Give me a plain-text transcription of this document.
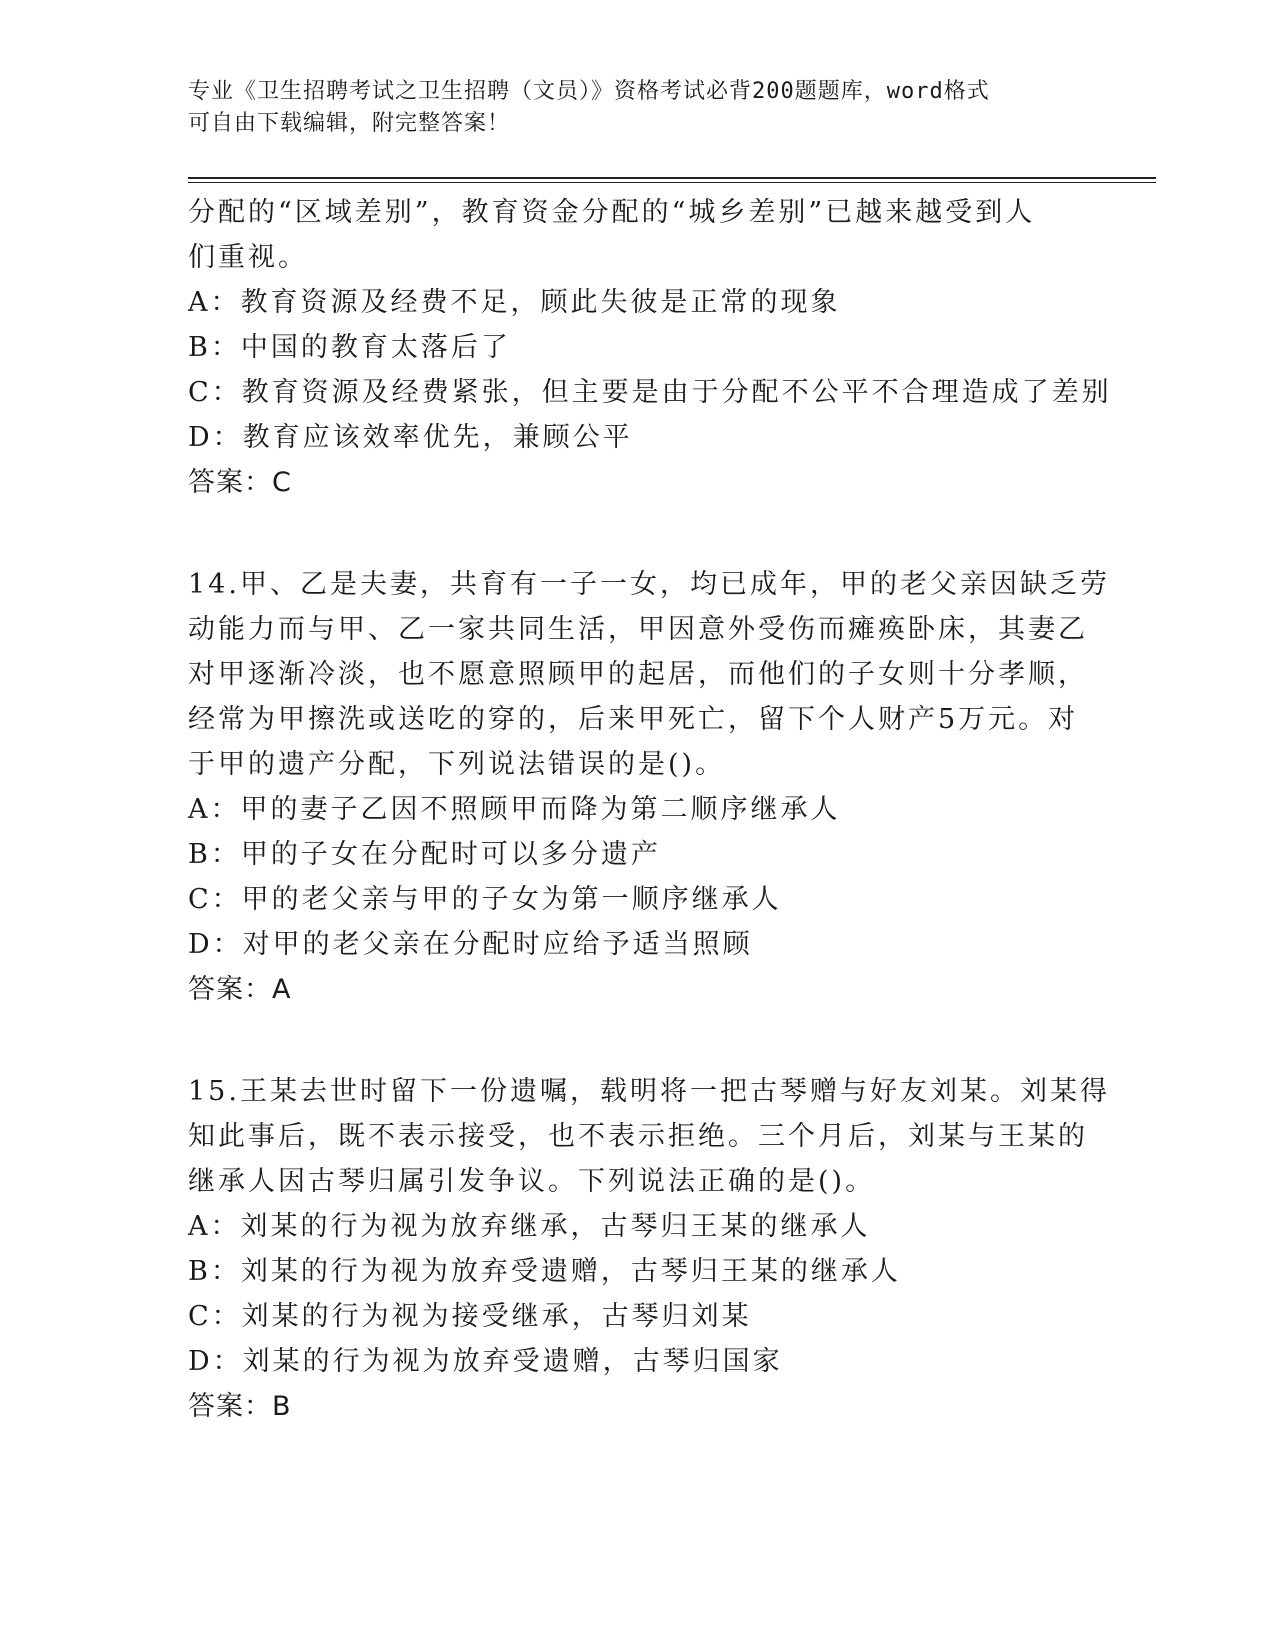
专业《卫生招聘考试之卫生招聘（文员）》资格考试必背200题题库，word格式
可自由下载编辑，附完整答案！
分配的“区域差别”，教育资金分配的“城乡差别”已越来越受到人
们重视。
A：教育资源及经费不足，顾此失彼是正常的现象
B：中国的教育太落后了
C：教育资源及经费紧张，但主要是由于分配不公平不合理造成了差别
D：教育应该效率优先，兼顾公平
答案：C
14.甲、乙是夫妻，共育有一子一女，均已成年，甲的老父亲因缺乏劳
动能力而与甲、乙一家共同生活，甲因意外受伤而瘫痪卧床，其妻乙
对甲逐渐冷淡，也不愿意照顾甲的起居，而他们的子女则十分孝顺，
经常为甲擦洗或送吃的穿的，后来甲死亡，留下个人财产5万元。对
于甲的遗产分配，下列说法错误的是()。
A：甲的妻子乙因不照顾甲而降为第二顺序继承人
B：甲的子女在分配时可以多分遗产
C：甲的老父亲与甲的子女为第一顺序继承人
D：对甲的老父亲在分配时应给予适当照顾
答案：A
15.王某去世时留下一份遗嘱，载明将一把古琴赠与好友刘某。刘某得
知此事后，既不表示接受，也不表示拒绝。三个月后，刘某与王某的
继承人因古琴归属引发争议。下列说法正确的是()。
A：刘某的行为视为放弃继承，古琴归王某的继承人
B：刘某的行为视为放弃受遗赠，古琴归王某的继承人
C：刘某的行为视为接受继承，古琴归刘某
D：刘某的行为视为放弃受遗赠，古琴归国家
答案：B
